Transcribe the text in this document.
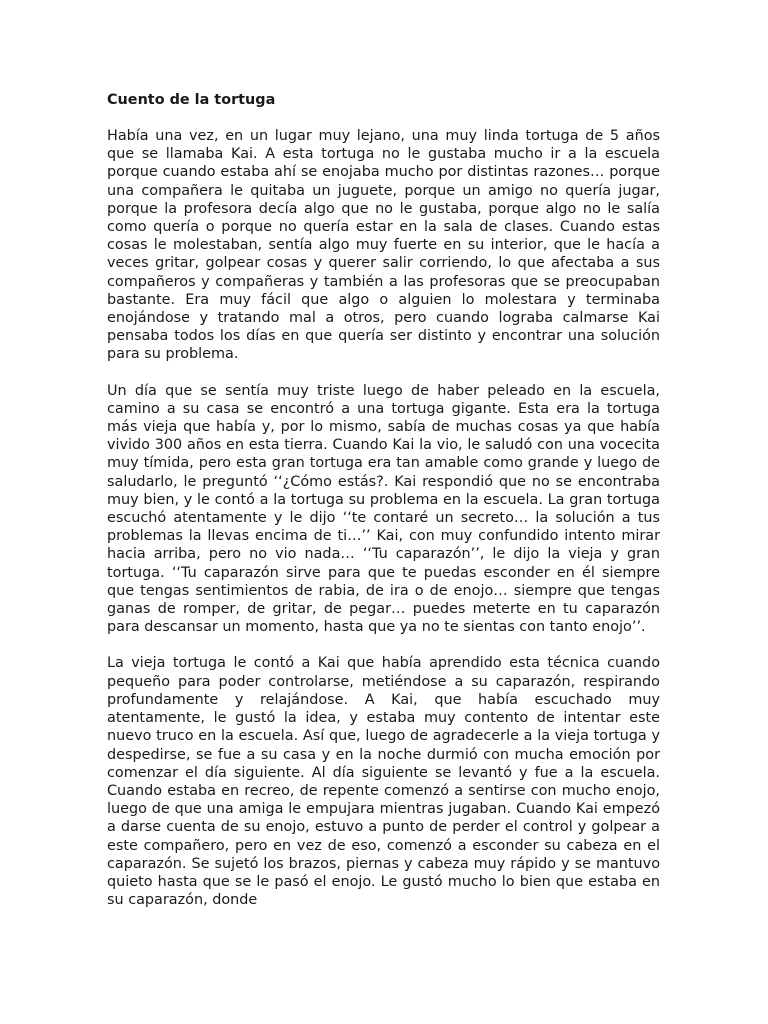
Cuento de la tortuga

Había una vez, en un lugar muy lejano, una muy linda tortuga de 5 años que se llamaba Kai. A esta tortuga no le gustaba mucho ir a la escuela porque cuando estaba ahí se enojaba mucho por distintas razones… porque una compañera le quitaba un juguete, porque un amigo no quería jugar, porque la profesora decía algo que no le gustaba, porque algo no le salía como quería o porque no quería estar en la sala de clases. Cuando estas cosas le molestaban, sentía algo muy fuerte en su interior, que le hacía a veces gritar, golpear cosas y querer salir corriendo, lo que afectaba a sus compañeros y compañeras y también a las profesoras que se preocupaban bastante. Era muy fácil que algo o alguien lo molestara y terminaba enojándose y tratando mal a otros, pero cuando lograba calmarse Kai pensaba todos los días en que quería ser distinto y encontrar una solución para su problema.

Un día que se sentía muy triste luego de haber peleado en la escuela, camino a su casa se encontró a una tortuga gigante. Esta era la tortuga más vieja que había y, por lo mismo, sabía de muchas cosas ya que había vivido 300 años en esta tierra. Cuando Kai la vio, le saludó con una vocecita muy tímida, pero esta gran tortuga era tan amable como grande y luego de saludarlo, le preguntó ‘‘¿Cómo estás?. Kai respondió que no se encontraba muy bien, y le contó a la tortuga su problema en la escuela. La gran tortuga escuchó atentamente y le dijo ‘‘te contaré un secreto… la solución a tus problemas la llevas encima de ti…’’ Kai, con muy confundido intento mirar hacia arriba, pero no vio nada… ‘‘Tu caparazón’’, le dijo la vieja y gran tortuga. ‘‘Tu caparazón sirve para que te puedas esconder en él siempre que tengas sentimientos de rabia, de ira o de enojo… siempre que tengas ganas de romper, de gritar, de pegar… puedes meterte en tu caparazón para descansar un momento, hasta que ya no te sientas con tanto enojo’’.

La vieja tortuga le contó a Kai que había aprendido esta técnica cuando pequeño para poder controlarse, metiéndose a su caparazón, respirando profundamente y relajándose. A Kai, que había escuchado muy atentamente, le gustó la idea, y estaba muy contento de intentar este nuevo truco en la escuela. Así que, luego de agradecerle a la vieja tortuga y despedirse, se fue a su casa y en la noche durmió con mucha emoción por comenzar el día siguiente. Al día siguiente se levantó y fue a la escuela. Cuando estaba en recreo, de repente comenzó a sentirse con mucho enojo, luego de que una amiga le empujara mientras jugaban. Cuando Kai empezó a darse cuenta de su enojo, estuvo a punto de perder el control y golpear a este compañero, pero en vez de eso, comenzó a esconder su cabeza en el caparazón. Se sujetó los brazos, piernas y cabeza muy rápido y se mantuvo quieto hasta que se le pasó el enojo. Le gustó mucho lo bien que estaba en su caparazón, donde
